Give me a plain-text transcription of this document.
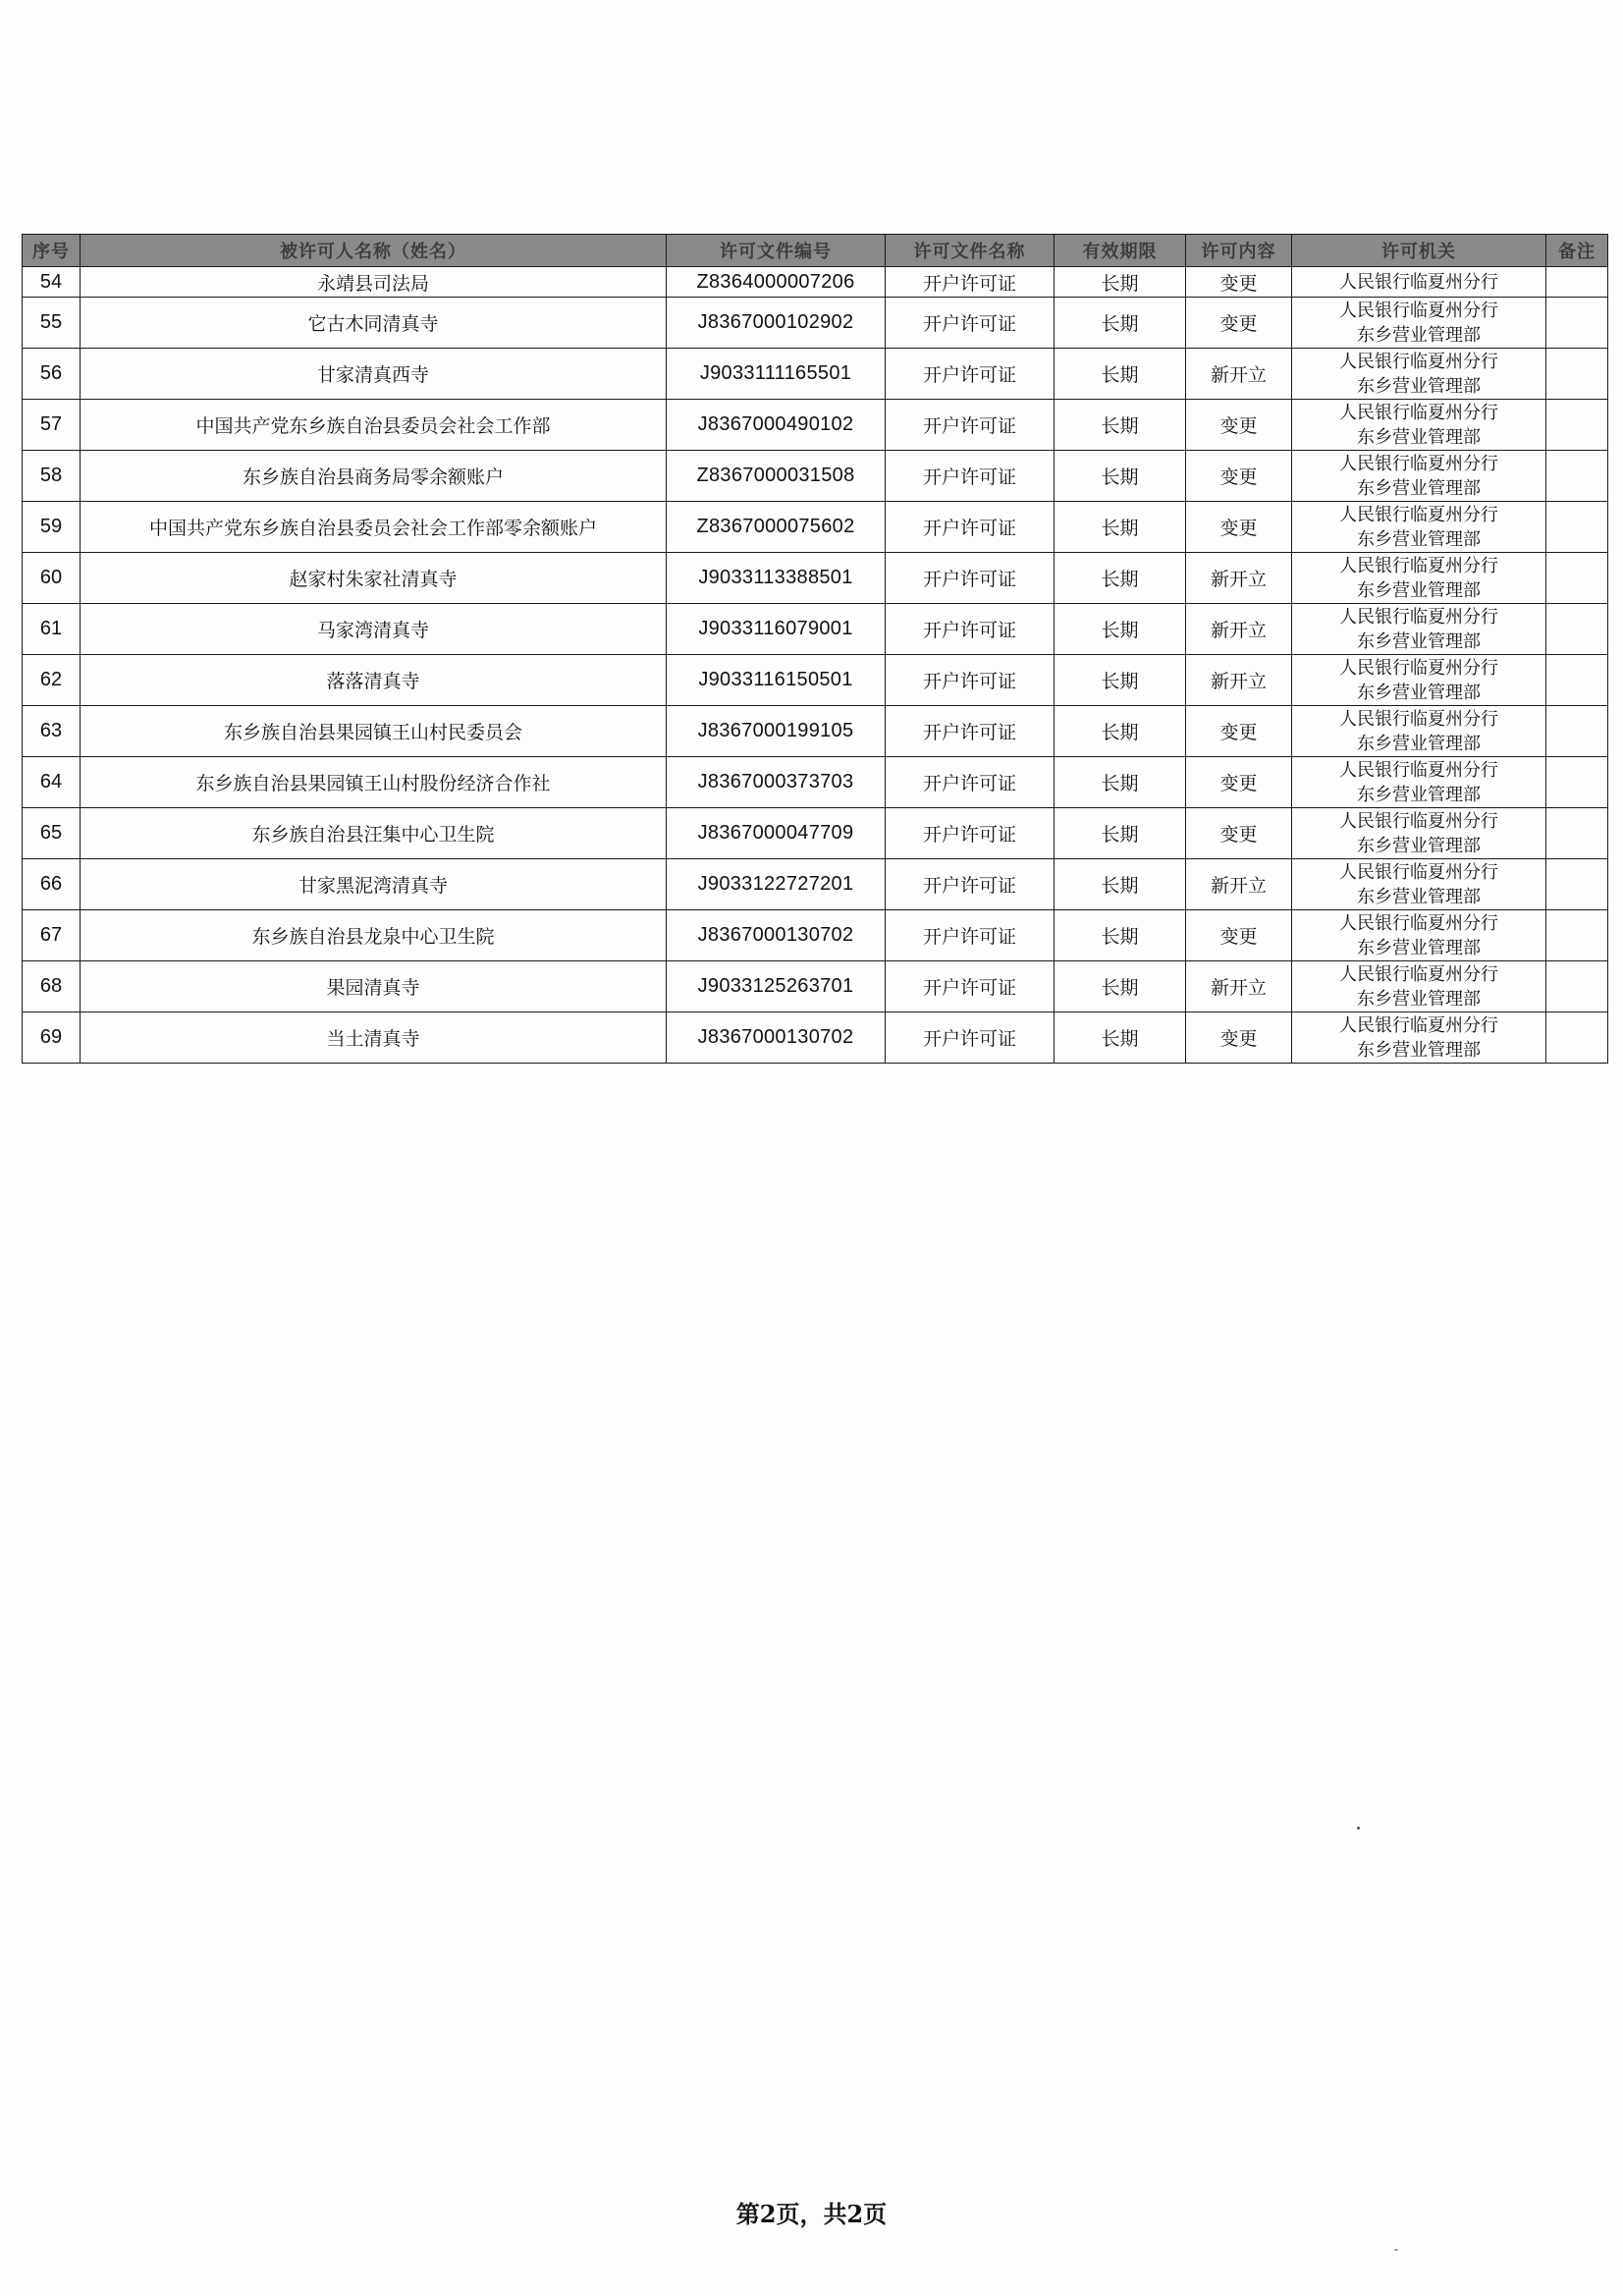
序号	被许可人名称（姓名）	许可文件编号	许可文件名称	有效期限	许可内容	许可机关	备注
54	永靖县司法局	Z8364000007206	开户许可证	长期	变更	人民银行临夏州分行	

55	它古木同清真寺	J8367000102902	开户许可证	长期	变更	人民银行临夏州分行
东乡营业管理部	

56	甘家清真西寺	J9033111165501	开户许可证	长期	新开立	人民银行临夏州分行
东乡营业管理部	

57	中国共产党东乡族自治县委员会社会工作部	J8367000490102	开户许可证	长期	变更	人民银行临夏州分行
东乡营业管理部	

58	东乡族自治县商务局零余额账户	Z8367000031508	开户许可证	长期	变更	人民银行临夏州分行
东乡营业管理部	

59	中国共产党东乡族自治县委员会社会工作部零余额账户	Z8367000075602	开户许可证	长期	变更	人民银行临夏州分行
东乡营业管理部	

60	赵家村朱家社清真寺	J9033113388501	开户许可证	长期	新开立	人民银行临夏州分行
东乡营业管理部	

61	马家湾清真寺	J9033116079001	开户许可证	长期	新开立	人民银行临夏州分行
东乡营业管理部	

62	落落清真寺	J9033116150501	开户许可证	长期	新开立	人民银行临夏州分行
东乡营业管理部	

63	东乡族自治县果园镇王山村民委员会	J8367000199105	开户许可证	长期	变更	人民银行临夏州分行
东乡营业管理部	

64	东乡族自治县果园镇王山村股份经济合作社	J8367000373703	开户许可证	长期	变更	人民银行临夏州分行
东乡营业管理部	

65	东乡族自治县汪集中心卫生院	J8367000047709	开户许可证	长期	变更	人民银行临夏州分行
东乡营业管理部	

66	甘家黑泥湾清真寺	J9033122727201	开户许可证	长期	新开立	人民银行临夏州分行
东乡营业管理部	

67	东乡族自治县龙泉中心卫生院	J8367000130702	开户许可证	长期	变更	人民银行临夏州分行
东乡营业管理部	

68	果园清真寺	J9033125263701	开户许可证	长期	新开立	人民银行临夏州分行
东乡营业管理部	

69	当土清真寺	J8367000130702	开户许可证	长期	变更	人民银行临夏州分行
东乡营业管理部	

第2页，共2页
